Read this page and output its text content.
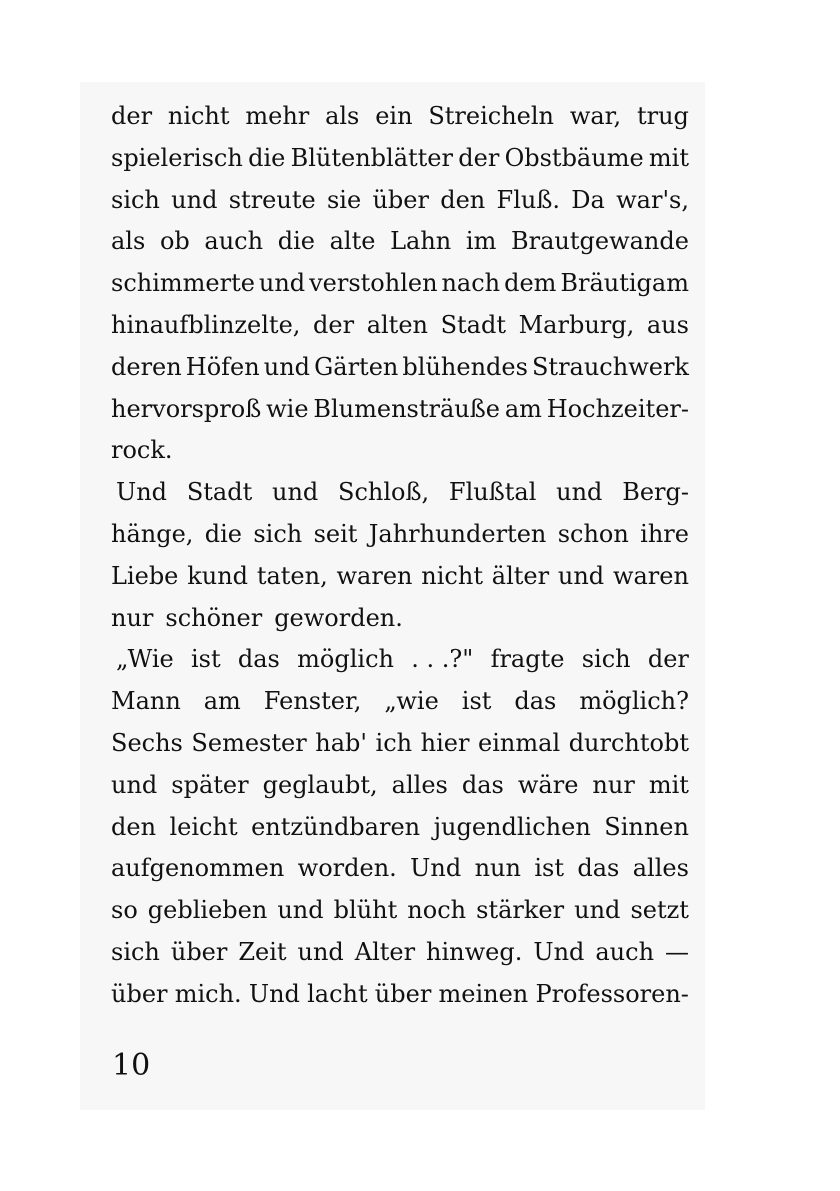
der nicht mehr als ein Streicheln war, trug
spielerisch die Blütenblätter der Obstbäume mit
sich und streute sie über den Fluß. Da war's,
als ob auch die alte Lahn im Brautgewande
schimmerte und verstohlen nach dem Bräutigam
hinaufblinzelte, der alten Stadt Marburg, aus
deren Höfen und Gärten blühendes Strauchwerk
hervorsproß wie Blumensträuße am Hochzeiter-
rock.
Und Stadt und Schloß, Flußtal und Berg-
hänge, die sich seit Jahrhunderten schon ihre
Liebe kund taten, waren nicht älter und waren
nur schöner geworden.
„Wie ist das möglich . . .?" fragte sich der
Mann am Fenster, „wie ist das möglich?
Sechs Semester hab' ich hier einmal durchtobt
und später geglaubt, alles das wäre nur mit
den leicht entzündbaren jugendlichen Sinnen
aufgenommen worden. Und nun ist das alles
so geblieben und blüht noch stärker und setzt
sich über Zeit und Alter hinweg. Und auch —
über mich. Und lacht über meinen Professoren-
10
